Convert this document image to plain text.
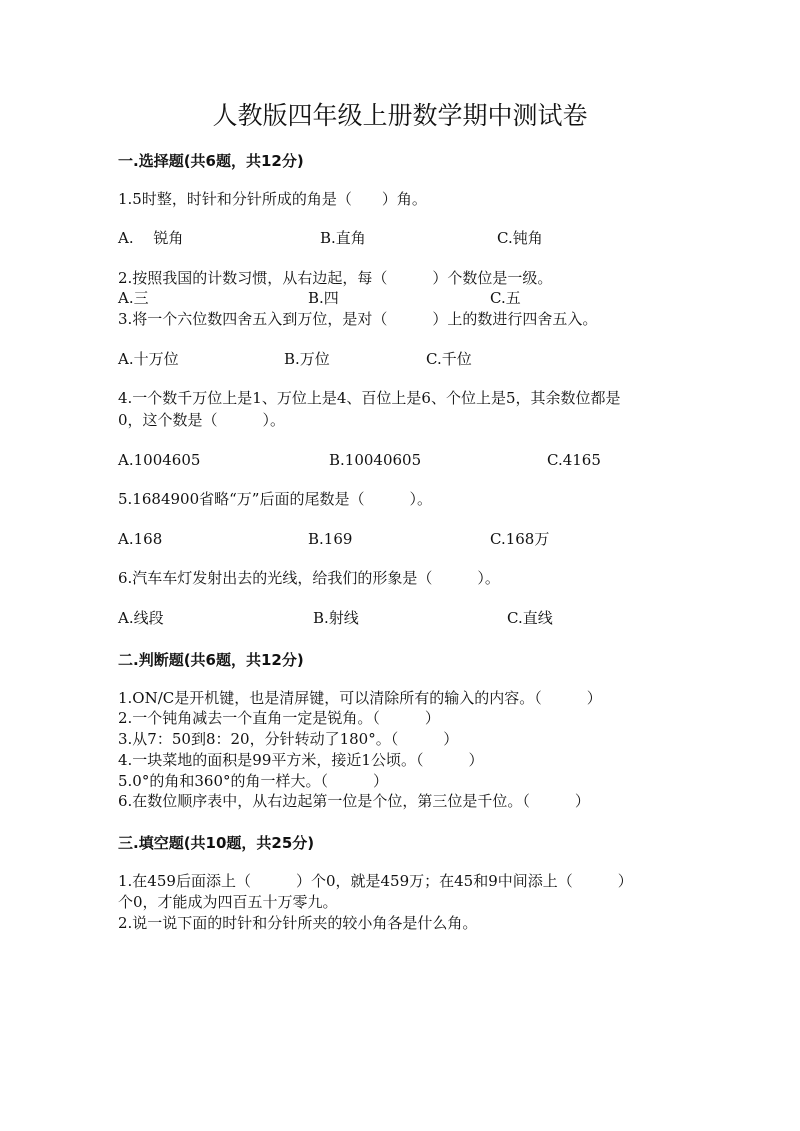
人教版四年级上册数学期中测试卷
一.选择题(共6题，共12分)
1.5时整，时针和分针所成的角是（　　）角。
A.　 锐角	B.直角	C.钝角
2.按照我国的计数习惯，从右边起，每（　　　）个数位是一级。
A.三	B.四	C.五
3.将一个六位数四舍五入到万位，是对（　　　）上的数进行四舍五入。
A.十万位	B.万位	C.千位
4.一个数千万位上是1、万位上是4、百位上是6、个位上是5，其余数位都是
0，这个数是（　　　）。
A.1004605	B.10040605	C.4165
5.1684900省略“万”后面的尾数是（　　　）。
A.168	B.169	C.168万
6.汽车车灯发射出去的光线，给我们的形象是（　　　）。
A.线段	B.射线	C.直线
二.判断题(共6题，共12分)
1.ON/C是开机键，也是清屏键，可以清除所有的输入的内容。（　　　）
2.一个钝角减去一个直角一定是锐角。（　　　）
3.从7：50到8：20，分针转动了180°。（　　　）
4.一块菜地的面积是99平方米，接近1公顷。（　　　）
5.0°的角和360°的角一样大。（　　　）
6.在数位顺序表中，从右边起第一位是个位，第三位是千位。（　　　）
三.填空题(共10题，共25分)
1.在459后面添上（　　　）个0，就是459万；在45和9中间添上（　　　）
个0，才能成为四百五十万零九。
2.说一说下面的时针和分针所夹的较小角各是什么角。
